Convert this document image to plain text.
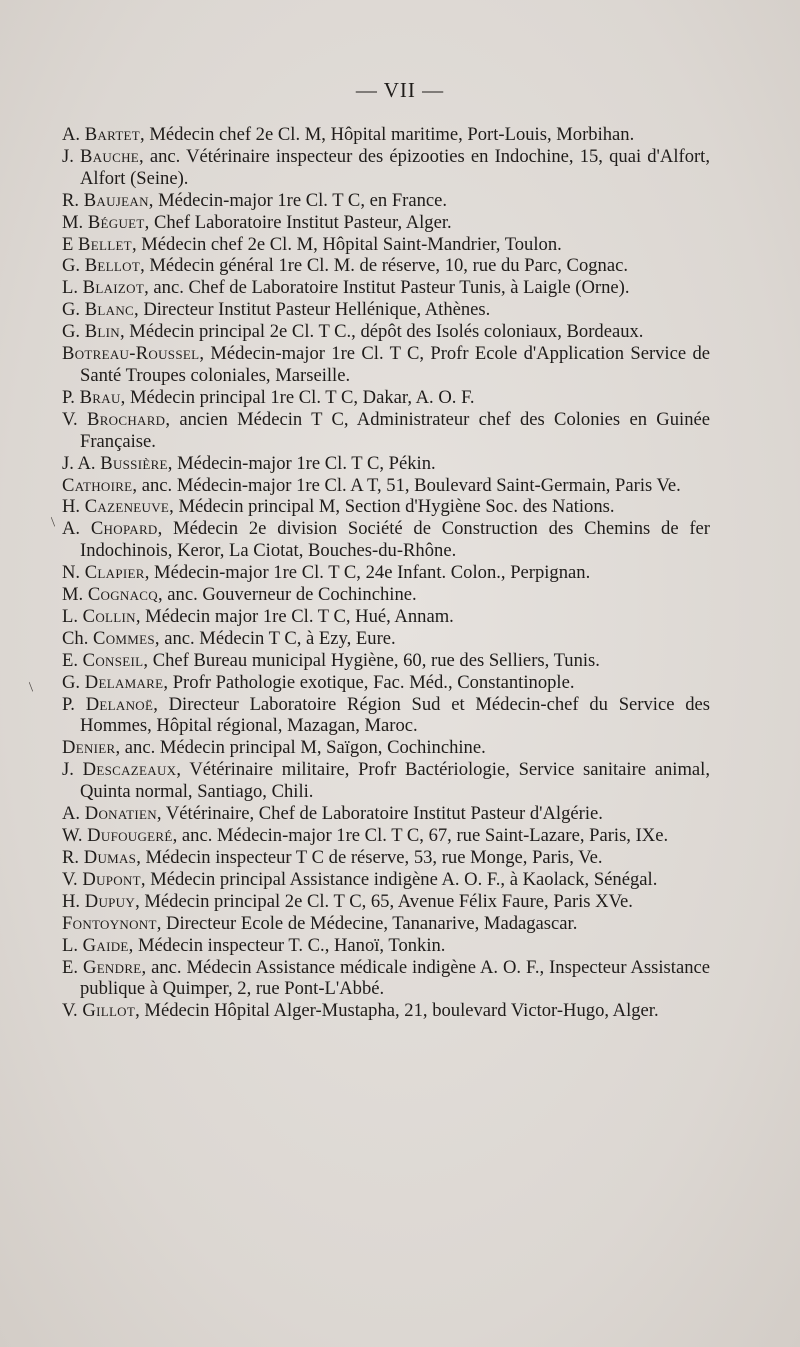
— VII —
A. Bartet, Médecin chef 2e Cl. M, Hôpital maritime, Port-Louis, Morbihan.
J. Bauche, anc. Vétérinaire inspecteur des épizooties en Indochine, 15, quai d'Alfort, Alfort (Seine).
R. Baujean, Médecin-major 1re Cl. T C, en France.
M. Béguet, Chef Laboratoire Institut Pasteur, Alger.
E Bellet, Médecin chef 2e Cl. M, Hôpital Saint-Mandrier, Toulon.
G. Bellot, Médecin général 1re Cl. M. de réserve, 10, rue du Parc, Cognac.
L. Blaizot, anc. Chef de Laboratoire Institut Pasteur Tunis, à Laigle (Orne).
G. Blanc, Directeur Institut Pasteur Hellénique, Athènes.
G. Blin, Médecin principal 2e Cl. T C., dépôt des Isolés coloniaux, Bordeaux.
Botreau-Roussel, Médecin-major 1re Cl. T C, Profr Ecole d'Application Service de Santé Troupes coloniales, Marseille.
P. Brau, Médecin principal 1re Cl. T C, Dakar, A. O. F.
V. Brochard, ancien Médecin T C, Administrateur chef des Colonies en Guinée Française.
J. A. Bussière, Médecin-major 1re Cl. T C, Pékin.
Cathoire, anc. Médecin-major 1re Cl. A T, 51, Boulevard Saint-Germain, Paris Ve.
H. Cazeneuve, Médecin principal M, Section d'Hygiène Soc. des Nations.
A. Chopard, Médecin 2e division Société de Construction des Chemins de fer Indochinois, Keror, La Ciotat, Bouches-du-Rhône.
N. Clapier, Médecin-major 1re Cl. T C, 24e Infant. Colon., Perpignan.
M. Cognacq, anc. Gouverneur de Cochinchine.
L. Collin, Médecin major 1re Cl. T C, Hué, Annam.
Ch. Commes, anc. Médecin T C, à Ezy, Eure.
E. Conseil, Chef Bureau municipal Hygiène, 60, rue des Selliers, Tunis.
G. Delamare, Profr Pathologie exotique, Fac. Méd., Constantinople.
P. Delanoë, Directeur Laboratoire Région Sud et Médecin-chef du Service des Hommes, Hôpital régional, Mazagan, Maroc.
Denier, anc. Médecin principal M, Saïgon, Cochinchine.
J. Descazeaux, Vétérinaire militaire, Profr Bactériologie, Service sanitaire animal, Quinta normal, Santiago, Chili.
A. Donatien, Vétérinaire, Chef de Laboratoire Institut Pasteur d'Algérie.
W. Dufougeré, anc. Médecin-major 1re Cl. T C, 67, rue Saint-Lazare, Paris, IXe.
R. Dumas, Médecin inspecteur T C de réserve, 53, rue Monge, Paris, Ve.
V. Dupont, Médecin principal Assistance indigène A. O. F., à Kaolack, Sénégal.
H. Dupuy, Médecin principal 2e Cl. T C, 65, Avenue Félix Faure, Paris XVe.
Fontoynont, Directeur Ecole de Médecine, Tananarive, Madagascar.
L. Gaide, Médecin inspecteur T. C., Hanoï, Tonkin.
E. Gendre, anc. Médecin Assistance médicale indigène A. O. F., Inspecteur Assistance publique à Quimper, 2, rue Pont-L'Abbé.
V. Gillot, Médecin Hôpital Alger-Mustapha, 21, boulevard Victor-Hugo, Alger.
/
/
